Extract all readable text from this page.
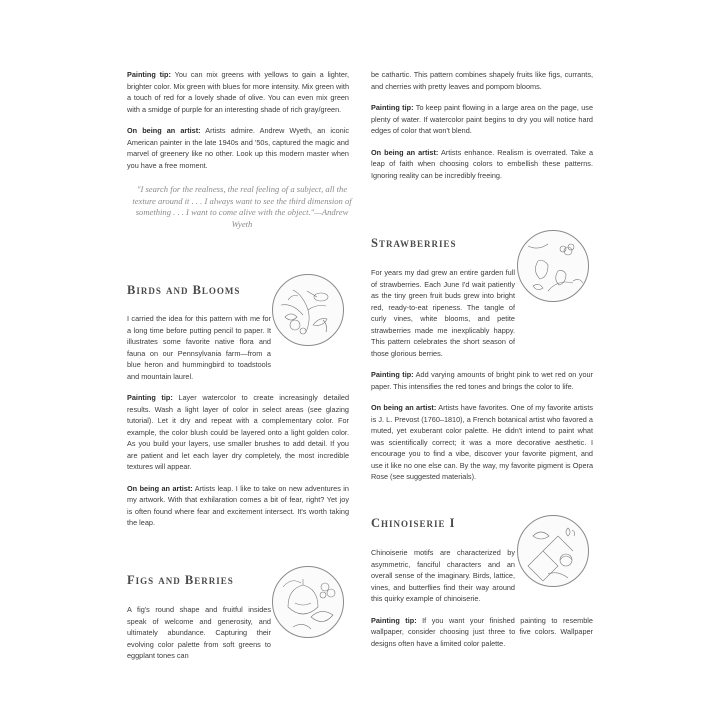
Painting tip: You can mix greens with yellows to gain a lighter, brighter color. Mix green with blues for more intensity. Mix green with a touch of red for a lovely shade of olive. You can even mix green with a smidge of purple for an interesting shade of rich gray/green.

On being an artist: Artists admire. Andrew Wyeth, an iconic American painter in the late 1940s and '50s, captured the magic and marvel of greenery like no other. Look up this modern master when you have a free moment.

"I search for the realness, the real feeling of a subject, all the texture around it . . . I always want to see the third dimension of something . . . I want to come alive with the object."—Andrew Wyeth

Birds and Blooms

I carried the idea for this pattern with me for a long time before putting pencil to paper. It illustrates some favorite native flora and fauna on our Pennsylvania farm—from a blue heron and hummingbird to toadstools and mountain laurel.

Painting tip: Layer watercolor to create increasingly detailed results. Wash a light layer of color in select areas (see glazing tutorial). Let it dry and repeat with a complementary color. For example, the color blush could be layered onto a light golden color. As you build your layers, use smaller brushes to add detail. If you are patient and let each layer dry completely, the most incredible textures will appear.

On being an artist: Artists leap. I like to take on new adventures in my artwork. With that exhilaration comes a bit of fear, right? Yet joy is often found where fear and excitement intersect. It's worth taking the leap.

Figs and Berries

A fig's round shape and fruitful insides speak of welcome and generosity, and ultimately abundance. Capturing their evolving color palette from soft greens to eggplant tones can

be cathartic. This pattern combines shapely fruits like figs, currants, and cherries with pretty leaves and pompom blooms.

Painting tip: To keep paint flowing in a large area on the page, use plenty of water. If watercolor paint begins to dry you will notice hard edges of color that won't blend.

On being an artist: Artists enhance. Realism is overrated. Take a leap of faith when choosing colors to embellish these patterns. Ignoring reality can be incredibly freeing.

Strawberries

For years my dad grew an entire garden full of strawberries. Each June I'd wait patiently as the tiny green fruit buds grew into bright red, ready-to-eat ripeness. The tangle of curly vines, white blooms, and petite strawberries made me inexplicably happy. This pattern celebrates the short season of those glorious berries.

Painting tip: Add varying amounts of bright pink to wet red on your paper. This intensifies the red tones and brings the color to life.

On being an artist: Artists have favorites. One of my favorite artists is J. L. Prevost (1760–1810), a French botanical artist who favored a muted, yet exuberant color palette. He didn't intend to paint what was scientifically correct; it was a more decorative aesthetic. I encourage you to find a vibe, discover your favorite pigment, and use it like no one else can. By the way, my favorite pigment is Opera Rose (see suggested materials).

Chinoiserie I

Chinoiserie motifs are characterized by asymmetric, fanciful characters and an overall sense of the imaginary. Birds, lattice, vines, and butterflies find their way around this quirky example of chinoiserie.

Painting tip: If you want your finished painting to resemble wallpaper, consider choosing just three to five colors. Wallpaper designs often have a limited color palette.
